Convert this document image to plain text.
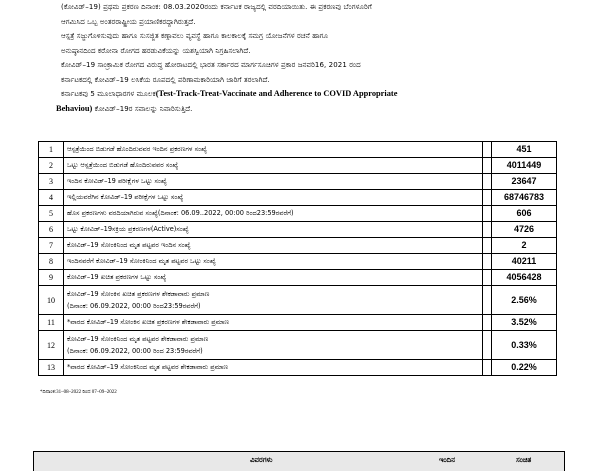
(ಕೋವಿಡ್–19) ಪ್ರಥಮ ಪ್ರಕರಣ ದಿನಾಂಕ: 08.03.2020ರಂದು ಕರ್ನಾಟಕ ರಾಜ್ಯದಲ್ಲಿ ವರದಿಯಾಯಿತು. ಈ ಪ್ರಕರಣವು ಬೆಂಗಳೂರಿಗೆ

ಆಗಮಿಸಿದ ಒಬ್ಬ ಅಂತರರಾಷ್ಟ್ರೀಯ ಪ್ರಯಾಣಿಕರದ್ದಾಗಿರುತ್ತದೆ.

ಆಸ್ಪತ್ರೆ ಸಜ್ಜುಗೊಳಿಸುವುದು ಹಾಗೂ ಸುಸಜ್ಜಿತ ಕಣ್ಗಾವಲು ವ್ಯವಸ್ಥೆ ಹಾಗೂ ಕಾಲಕಾಲಕ್ಕೆ ಸಮಗ್ರ ಯೋಜನೆಗಳ ರಚನೆ ಹಾಗೂ

ಅನುಷ್ಠಾನದಿಂದ ಕರೋನಾ ರೋಗದ ಹರಡುವಿಕೆಯನ್ನು ಯಶಸ್ವಿಯಾಗಿ ನಿಗ್ರಹಿಸಲಾಗಿದೆ.

ಕೋವಿಡ್–19 ಸಾಂಕ್ರಾಮಿಕ ರೋಗದ ವಿರುದ್ಧ ಹೋರಾಟದಲ್ಲಿ ಭಾರತ ಸರ್ಕಾರದ ಮಾರ್ಗಸೂಚಿಗಳ ಪ್ರಕಾರ ಜನವರಿ16, 2021 ರಂದ

ಕರ್ನಾಟಕದಲ್ಲಿ ಕೋವಿಡ್–19 ಲಸಿಕೆಯ ರೂಪದಲ್ಲಿ ಪರಿಣಾಮಕಾರಿಯಾಗಿ ಜಾರಿಗೆ ತರಲಾಗಿದೆ.

ಕರ್ನಾಟಕವು 5 ಮೂಲಾಧಾರಗಳ ಮೂಲಕ(Test-Track-Treat-Vaccinate and Adherence to COVID Appropriate

Behaviou) ಕೋವಿಡ್–19ರ ಸವಾಲನ್ನು ನಿವಾರಿಸುತ್ತಿದೆ.

1	ಆಸ್ಪತ್ರೆಯಿಂದ ಬಿಡುಗಡೆ ಹೊಂದಿರುವವರ ಇಂದಿನ ಪ್ರಕರಣಗಳ ಸಂಖ್ಯೆ		451
2	ಒಟ್ಟು ಆಸ್ಪತ್ರೆಯಿಂದ ಬಿಡುಗಡೆ ಹೊಂದಿರುವವರ ಸಂಖ್ಯೆ		4011449
3	ಇಂದಿನ ಕೋವಿಡ್–19 ಪರೀಕ್ಷೆಗಳ ಒಟ್ಟು ಸಂಖ್ಯೆ		23647
4	ಇಲ್ಲಿಯವರೆಗಿನ ಕೋವಿಡ್–19 ಪರೀಕ್ಷೆಗಳ ಒಟ್ಟು ಸಂಖ್ಯೆ		68746783
5	ಹೊಸ ಪ್ರಕರಣಗಳು ವರದಿಯಾಗಿರುವ ಸಂಖ್ಯೆ(ದಿನಾಂಕ: 06.09..2022, 00:00 ರಿಂದ23:59ರವರೆಗೆ)		606
6	ಒಟ್ಟು ಕೋವಿಡ್–19ಸಕ್ರಿಯ ಪ್ರಕರಣಗಳ(Active)ಸಂಖ್ಯೆ		4726
7	ಕೋವಿಡ್–19 ಸೋಂಕಿನಿಂದ ಮೃತ ಪಟ್ಟವರ ಇಂದಿನ ಸಂಖ್ಯೆ		2
8	ಇಂದಿನವರೆಗೆ ಕೋವಿಡ್–19 ಸೋಂಕಿನಿಂದ ಮೃತ ಪಟ್ಟವರ ಒಟ್ಟು ಸಂಖ್ಯೆ		40211
9	ಕೋವಿಡ್–19 ಖಚಿತ ಪ್ರಕರಣಗಳ ಒಟ್ಟು ಸಂಖ್ಯೆ		4056428
10	ಕೋವಿಡ್–19 ಸೋಂಕಿನ ಖಚಿತ ಪ್ರಕರಣಗಳ ಶೇಕಡಾವಾರು ಪ್ರಮಾಣ
(ದಿನಾಂಕ: 06.09.2022, 00:00 ರಿಂದ23:59ರವರೆಗೆ)		2.56%
11	*ವಾರದ ಕೋವಿಡ್–19 ಸೋಂಕಿನ ಖಚಿತ ಪ್ರಕರಣಗಳ ಶೇಕಡಾವಾರು ಪ್ರಮಾಣ		3.52%
12	ಕೋವಿಡ್–19 ಸೋಂಕಿನಿಂದ ಮೃತ ಪಟ್ಟವರ ಶೇಕಡಾವಾರು ಪ್ರಮಾಣ
(ದಿನಾಂಕ: 06.09.2022, 00:00 ರಿಂದ 23:59ರವರೆಗೆ)		0.33%
13	*ವಾರದ ಕೋವಿಡ್–19 ಸೋಂಕಿನಿಂದ ಮೃತ ಪಟ್ಟವರ ಶೇಕಡಾವಾರು ಪ್ರಮಾಣ		0.22%
*ದಿನಾಂಕ:31–08–2022 ರಿಂದ 07–09–2022
ವಿವರಗಳು	ಇಂದಿನ	ಸಂಚಿತ
